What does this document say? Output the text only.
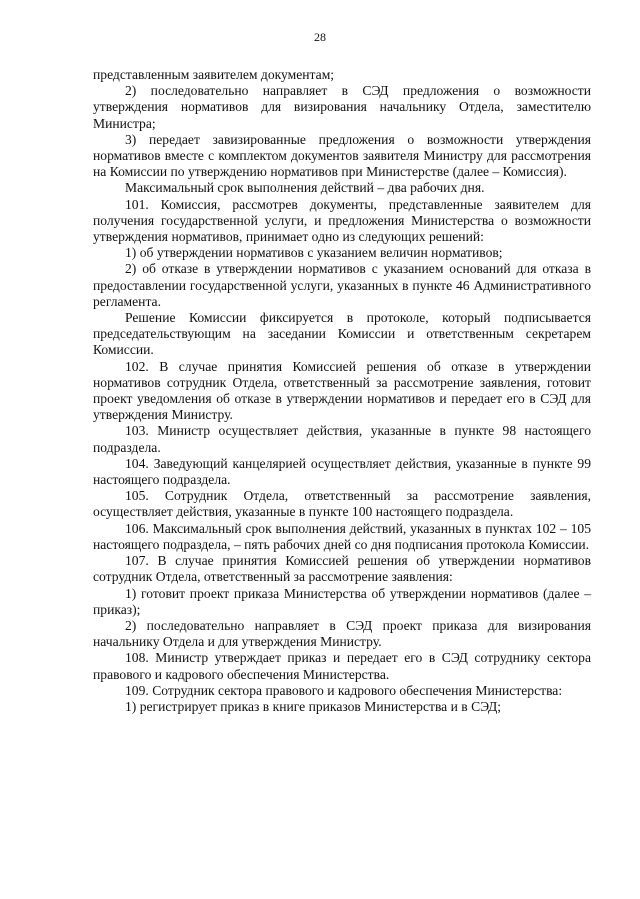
28

представленным заявителем документам;

2) последовательно направляет в СЭД предложения о возможности утверждения нормативов для визирования начальнику Отдела, заместителю Министра;

3) передает завизированные предложения о возможности утверждения нормативов вместе с комплектом документов заявителя Министру для рассмотрения на Комиссии по утверждению нормативов при Министерстве (далее – Комиссия).

Максимальный срок выполнения действий – два рабочих дня.

101. Комиссия, рассмотрев документы, представленные заявителем для получения государственной услуги, и предложения Министерства о возможности утверждения нормативов, принимает одно из следующих решений:

1) об утверждении нормативов с указанием величин нормативов;

2) об отказе в утверждении нормативов с указанием оснований для отказа в предоставлении государственной услуги, указанных в пункте 46 Административного регламента.

Решение Комиссии фиксируется в протоколе, который подписывается председательствующим на заседании Комиссии и ответственным секретарем Комиссии.

102. В случае принятия Комиссией решения об отказе в утверждении нормативов сотрудник Отдела, ответственный за рассмотрение заявления, готовит проект уведомления об отказе в утверждении нормативов и передает его в СЭД для утверждения Министру.

103. Министр осуществляет действия, указанные в пункте 98 настоящего подраздела.

104. Заведующий канцелярией осуществляет действия, указанные в пункте 99 настоящего подраздела.

105. Сотрудник Отдела, ответственный за рассмотрение заявления, осуществляет действия, указанные в пункте 100 настоящего подраздела.

106. Максимальный срок выполнения действий, указанных в пунктах 102 – 105 настоящего подраздела, – пять рабочих дней со дня подписания протокола Комиссии.

107. В случае принятия Комиссией решения об утверждении нормативов сотрудник Отдела, ответственный за рассмотрение заявления:

1) готовит проект приказа Министерства об утверждении нормативов (далее – приказ);

2) последовательно направляет в СЭД проект приказа для визирования начальнику Отдела и для утверждения Министру.

108. Министр утверждает приказ и передает его в СЭД сотруднику сектора правового и кадрового обеспечения Министерства.

109. Сотрудник сектора правового и кадрового обеспечения Министерства:

1) регистрирует приказ в книге приказов Министерства и в СЭД;
